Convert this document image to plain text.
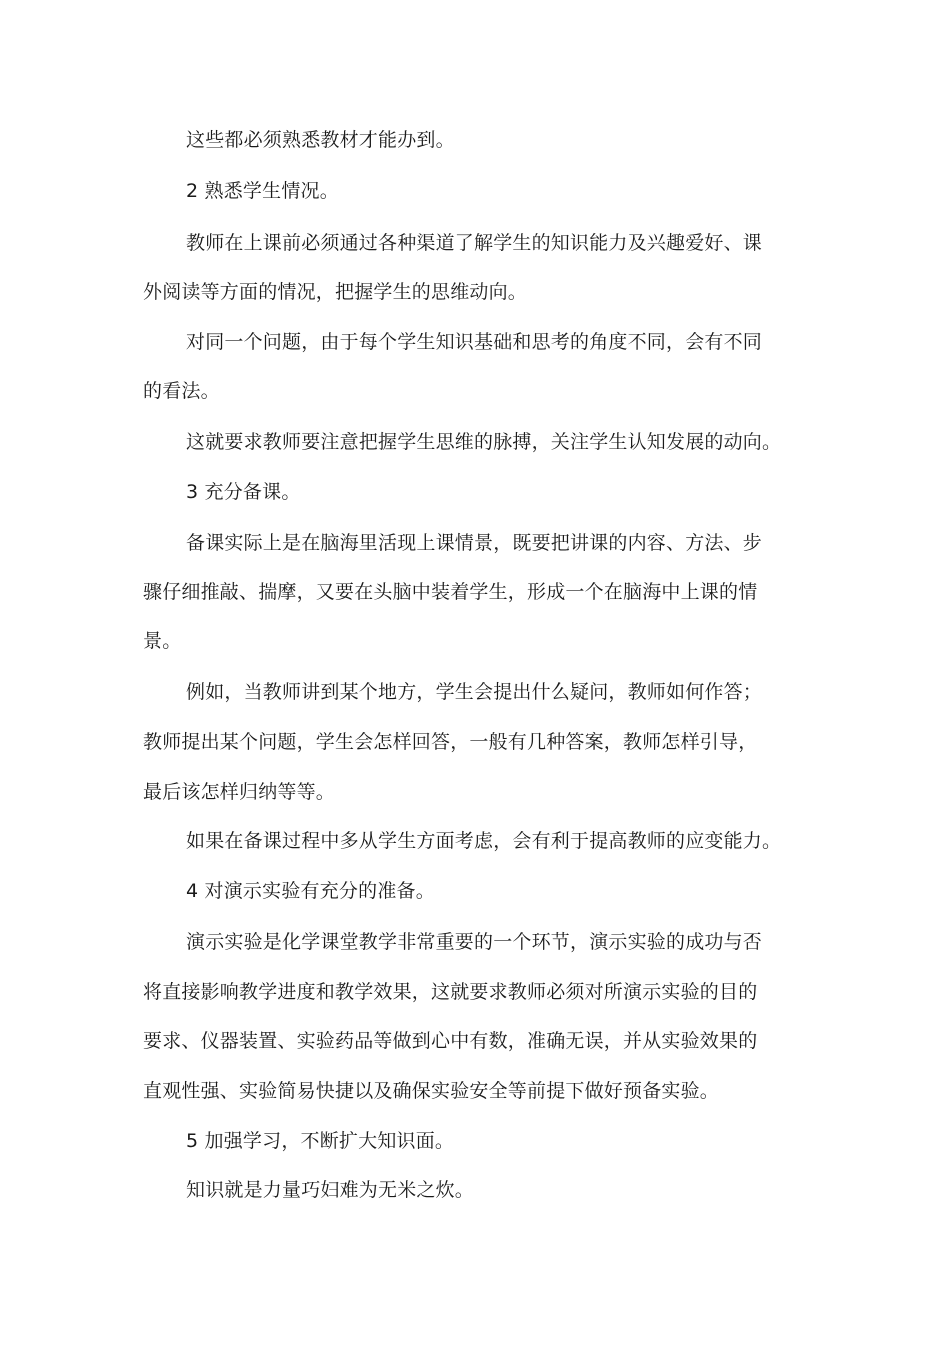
这些都必须熟悉教材才能办到。
2 熟悉学生情况。
教师在上课前必须通过各种渠道了解学生的知识能力及兴趣爱好、课
外阅读等方面的情况，把握学生的思维动向。
对同一个问题，由于每个学生知识基础和思考的角度不同，会有不同
的看法。
这就要求教师要注意把握学生思维的脉搏，关注学生认知发展的动向。
3 充分备课。
备课实际上是在脑海里活现上课情景，既要把讲课的内容、方法、步
骤仔细推敲、揣摩，又要在头脑中装着学生，形成一个在脑海中上课的情
景。
例如，当教师讲到某个地方，学生会提出什么疑问，教师如何作答；
教师提出某个问题，学生会怎样回答，一般有几种答案，教师怎样引导，
最后该怎样归纳等等。
如果在备课过程中多从学生方面考虑，会有利于提高教师的应变能力。
4 对演示实验有充分的准备。
演示实验是化学课堂教学非常重要的一个环节，演示实验的成功与否
将直接影响教学进度和教学效果，这就要求教师必须对所演示实验的目的
要求、仪器装置、实验药品等做到心中有数，准确无误，并从实验效果的
直观性强、实验简易快捷以及确保实验安全等前提下做好预备实验。
5 加强学习，不断扩大知识面。
知识就是力量巧妇难为无米之炊。
